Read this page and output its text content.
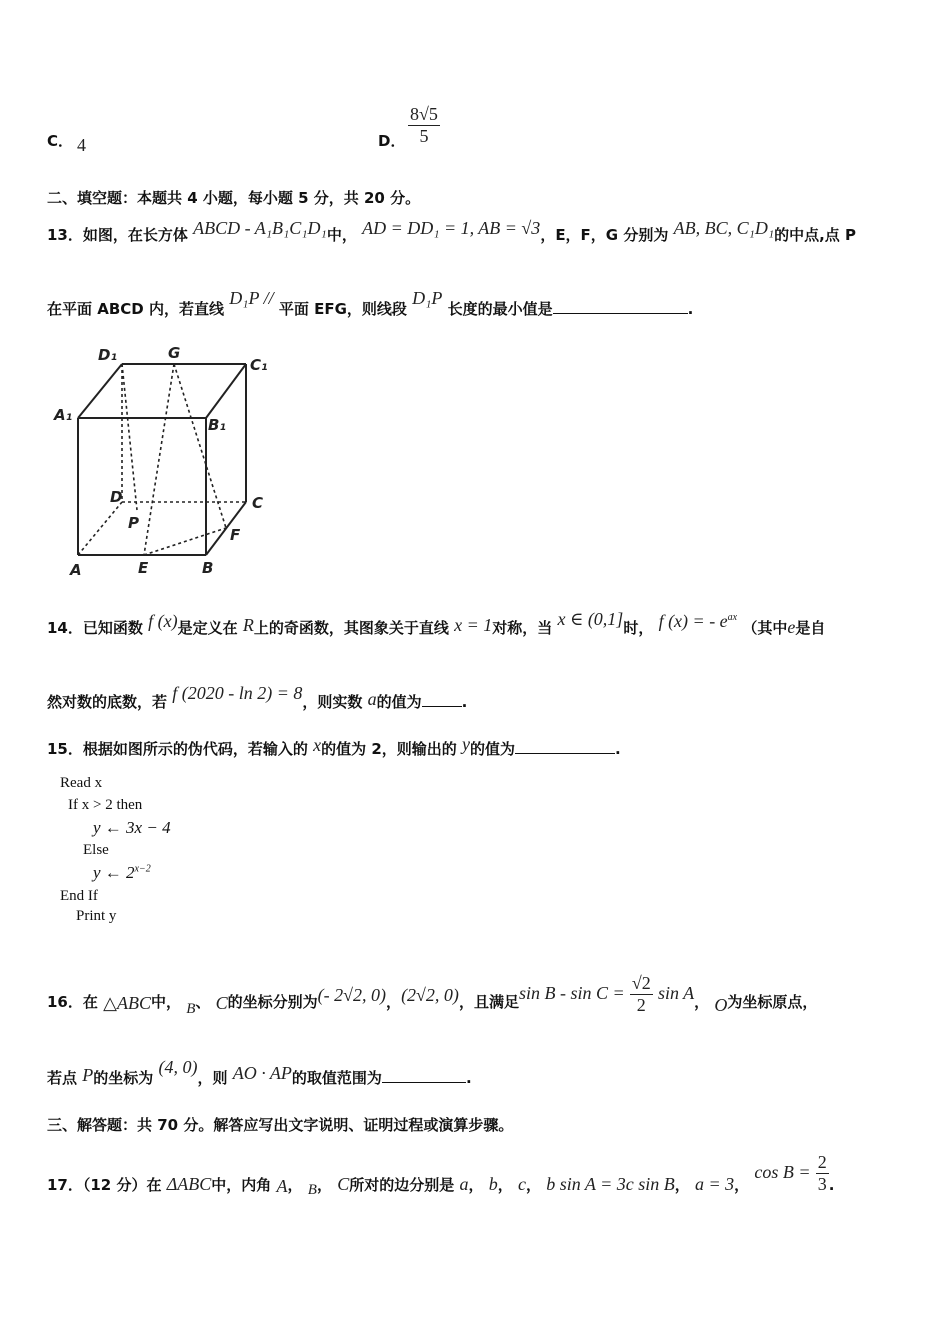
C． 4	D． $\frac{8√5}{5}$
二、填空题：本题共 4 小题，每小题 5 分，共 20 分。
13．如图，在长方体 ABCD - A₁B₁C₁D₁中， AD = DD₁ = 1, AB = √3，E，F，G 分别为 AB, BC, C₁D₁的中点,点 P
在平面 ABCD 内，若直线 D₁P // 平面 EFG，则线段 D₁P 长度的最小值是	.
D₁	G
C₁
A₁
B₁
D	C
P
F
A	E	B
14．已知函数 f (x)是定义在 R上的奇函数，其图象关于直线 x = 1对称，当 x ∈ (0,1]时， f (x) = - $e^{ax}$ （其中e是自
然对数的底数，若 f (2020 - ln 2) = 8，则实数 a的值为	.
15．根据如图所示的伪代码，若输入的 x的值为 2，则输出的 y的值为	.
Read x
If x > 2 then
y ← 3x − 4
Else
y ← $2^{x-2}$
End If
Print y
16．在 △ABC中， B、 C的坐标分别为(- 2√2, 0)，(2√2, 0)，且满足$\sin B - \sin C = \frac{√2}{2}$ sin A， O为坐标原点，
若点 P的坐标为 (4, 0)，则 AO · AP的取值范围为	.
三、解答题：共 70 分。解答应写出文字说明、证明过程或演算步骤。
17．（12 分）在 ΔABC中，内角 A， B， C所对的边分别是 a， b， c， b sin A = 3c sin B， a = 3， $\cos B = \frac{2}{3}$ .
